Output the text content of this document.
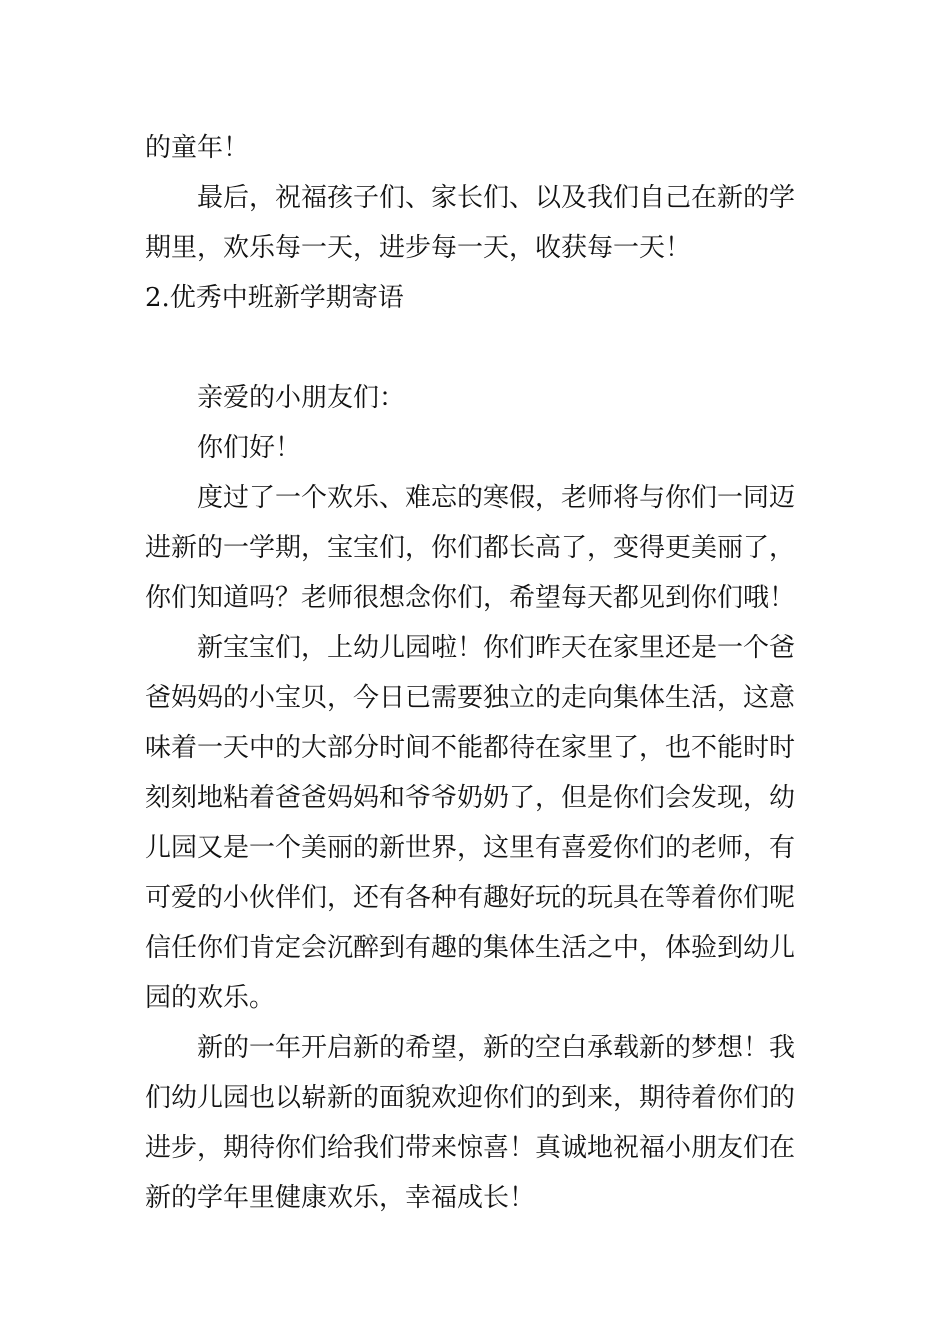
的童年！
最后，祝福孩子们、家长们、以及我们自己在新的学
期里，欢乐每一天，进步每一天，收获每一天！
2.优秀中班新学期寄语
亲爱的小朋友们：
你们好！
度过了一个欢乐、难忘的寒假，老师将与你们一同迈
进新的一学期，宝宝们，你们都长高了，变得更美丽了，
你们知道吗？老师很想念你们，希望每天都见到你们哦！
新宝宝们，上幼儿园啦！你们昨天在家里还是一个爸
爸妈妈的小宝贝，今日已需要独立的走向集体生活，这意
味着一天中的大部分时间不能都待在家里了，也不能时时
刻刻地粘着爸爸妈妈和爷爷奶奶了，但是你们会发现，幼
儿园又是一个美丽的新世界，这里有喜爱你们的老师，有
可爱的小伙伴们，还有各种有趣好玩的玩具在等着你们呢
信任你们肯定会沉醉到有趣的集体生活之中，体验到幼儿
园的欢乐。
新的一年开启新的希望，新的空白承载新的梦想！我
们幼儿园也以崭新的面貌欢迎你们的到来，期待着你们的
进步，期待你们给我们带来惊喜！真诚地祝福小朋友们在
新的学年里健康欢乐，幸福成长！
